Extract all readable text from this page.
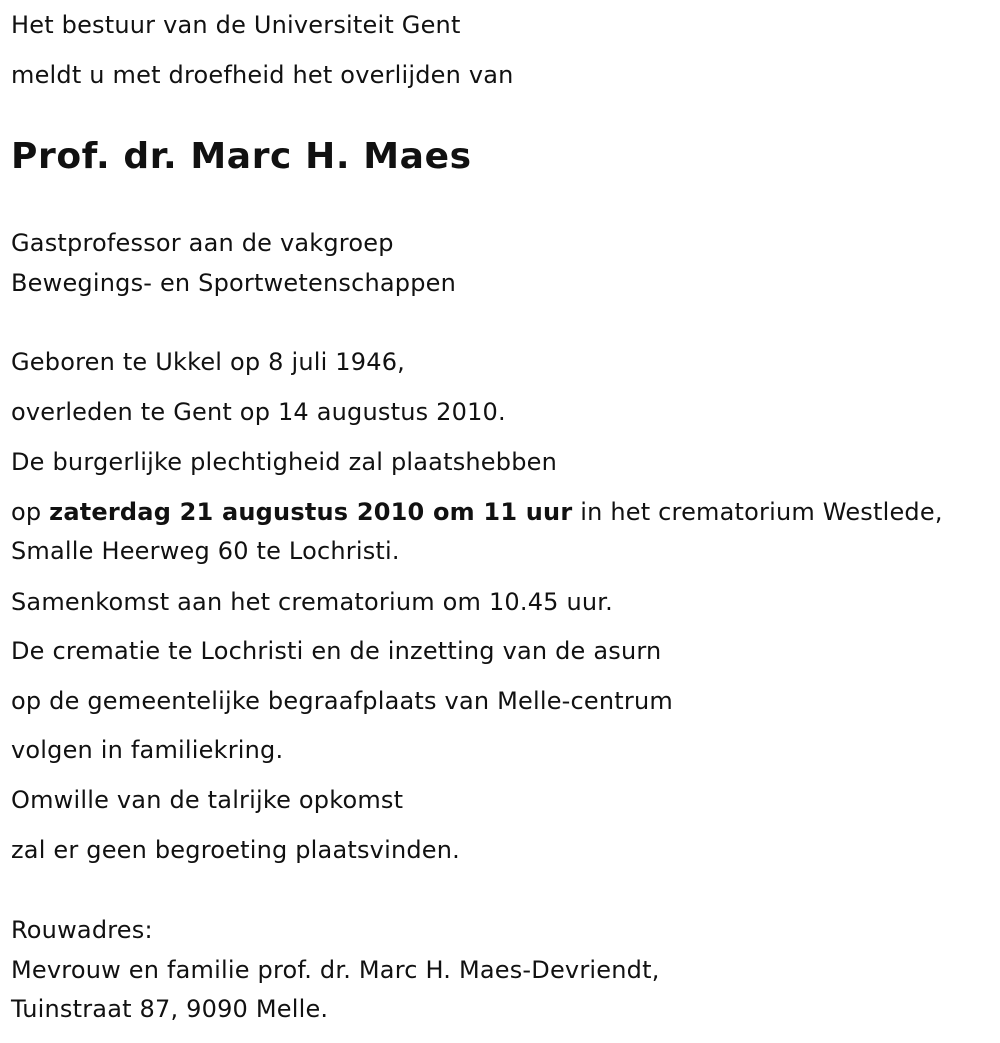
Het bestuur van de Universiteit Gent

meldt u met droefheid het overlijden van

Prof. dr. Marc H. Maes

Gastprofessor aan de vakgroep

Bewegings- en Sportwetenschappen

Geboren te Ukkel op 8 juli 1946,

overleden te Gent op 14 augustus 2010.

De burgerlijke plechtigheid zal plaatshebben

op zaterdag 21 augustus 2010 om 11 uur in het crematorium Westlede,

Smalle Heerweg 60 te Lochristi.

Samenkomst aan het crematorium om 10.45 uur.

De crematie te Lochristi en de inzetting van de asurn

op de gemeentelijke begraafplaats van Melle-centrum

volgen in familiekring.

Omwille van de talrijke opkomst

zal er geen begroeting plaatsvinden.

Rouwadres:

Mevrouw en familie prof. dr. Marc H. Maes-Devriendt,

Tuinstraat 87, 9090 Melle.
